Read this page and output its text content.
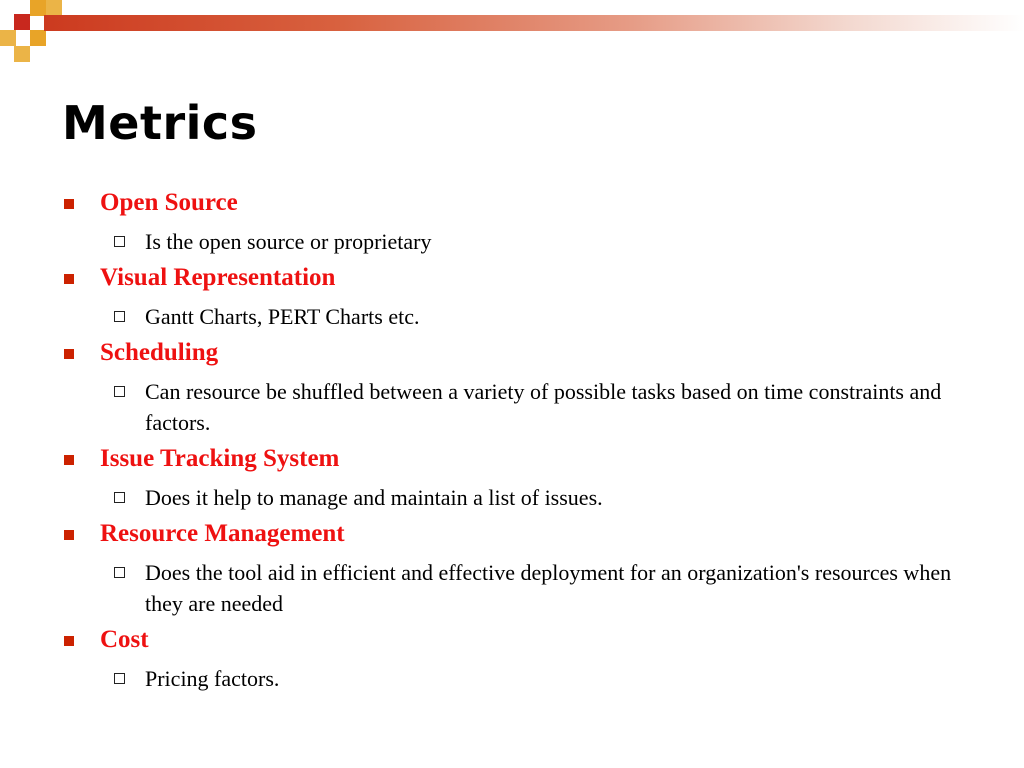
Metrics
Open Source
Is the open source or proprietary
Visual Representation
Gantt Charts, PERT Charts etc.
Scheduling
Can resource be shuffled between a variety of possible tasks based on time constraints and factors.
Issue Tracking System
Does it help to manage and maintain a list of issues.
Resource Management
Does the tool aid in efficient and effective deployment for an organization's resources when they are needed
Cost
Pricing factors.
